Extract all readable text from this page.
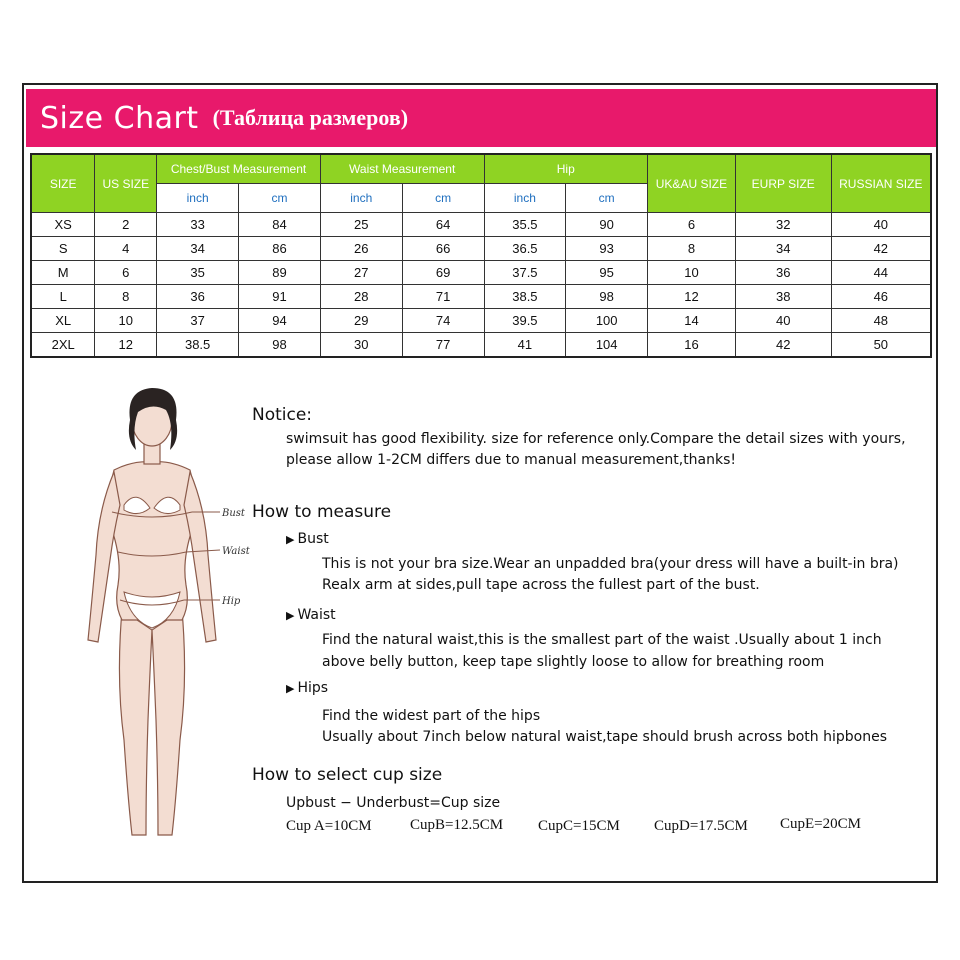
Size Chart (Таблица размеров)
SIZE	US SIZE	Chest/Bust Measurement		Waist Measurement		Hip		UK&AU SIZE	EURP SIZE	RUSSIAN SIZE
		inch	cm	inch	cm	inch	cm			
XS	2	33	84	25	64	35.5	90	6	32	40
S	4	34	86	26	66	36.5	93	8	34	42
M	6	35	89	27	69	37.5	95	10	36	44
L	8	36	91	28	71	38.5	98	12	38	46
XL	10	37	94	29	74	39.5	100	14	40	48
2XL	12	38.5	98	30	77	41	104	16	42	50
Bust
Waist
Hip
Notice:
swimsuit has good flexibility. size for reference only.Compare the detail sizes with yours,
please allow 1-2CM differs due to manual measurement,thanks!
How to measure
▶ Bust
This is not your bra size.Wear an unpadded bra(your dress will have a built-in bra)
Realx arm at sides,pull tape across the fullest part of the bust.
▶ Waist
Find the natural waist,this is the smallest part of the waist .Usually about 1 inch
above belly button, keep tape slightly loose to allow for breathing room
▶ Hips
Find the widest part of the hips
Usually about 7inch below natural waist,tape should brush across both hipbones
How to select cup size
Upbust − Underbust=Cup size
Cup A=10CM	CupB=12.5CM CupC=15CM CupD=17.5CM CupE=20CM
